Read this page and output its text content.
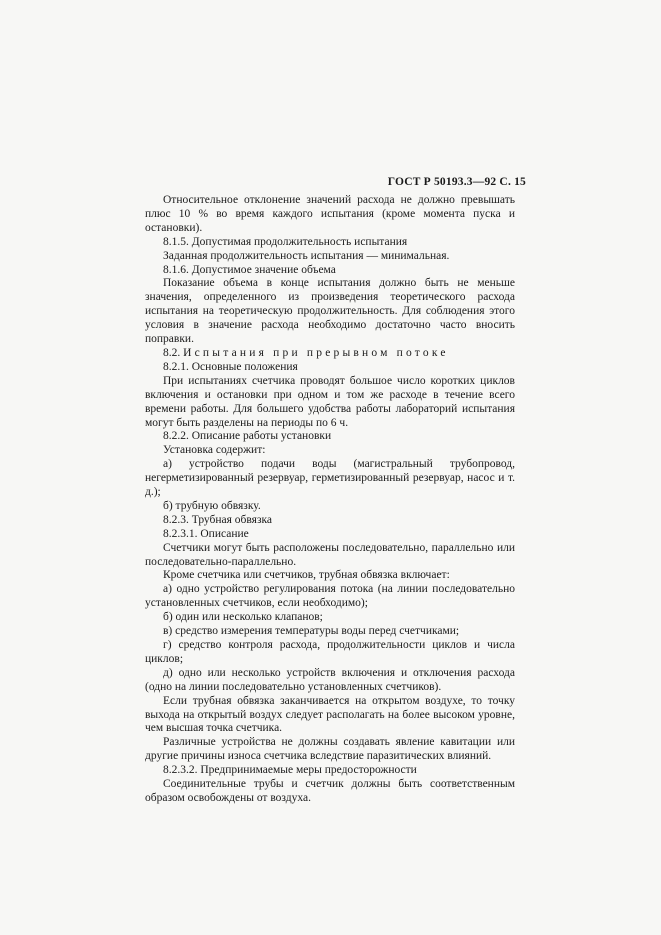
ГОСТ Р 50193.3—92 С. 15

Относительное отклонение значений расхода не должно превышать плюс 10 % во время каждого испытания (кроме момента пуска и остановки).

8.1.5. Допустимая продолжительность испытания

Заданная продолжительность испытания — минимальная.

8.1.6. Допустимое значение объема

Показание объема в конце испытания должно быть не меньше значения, определенного из произведения теоретического расхода испытания на теоретическую продолжительность. Для соблюдения этого условия в значение расхода необходимо достаточно часто вносить поправки.

8.2. Испытания при прерывном потоке

8.2.1. Основные положения

При испытаниях счетчика проводят большое число коротких циклов включения и остановки при одном и том же расходе в течение всего времени работы. Для большего удобства работы лабораторий испытания могут быть разделены на периоды по 6 ч.

8.2.2. Описание работы установки

Установка содержит:

а) устройство подачи воды (магистральный трубопровод, негерметизированный резервуар, герметизированный резервуар, насос и т. д.);

б) трубную обвязку.

8.2.3. Трубная обвязка

8.2.3.1. Описание

Счетчики могут быть расположены последовательно, параллельно или последовательно-параллельно.

Кроме счетчика или счетчиков, трубная обвязка включает:

а) одно устройство регулирования потока (на линии последовательно установленных счетчиков, если необходимо);

б) один или несколько клапанов;

в) средство измерения температуры воды перед счетчиками;

г) средство контроля расхода, продолжительности циклов и числа циклов;

д) одно или несколько устройств включения и отключения расхода (одно на линии последовательно установленных счетчиков).

Если трубная обвязка заканчивается на открытом воздухе, то точку выхода на открытый воздух следует располагать на более высоком уровне, чем высшая точка счетчика.

Различные устройства не должны создавать явление кавитации или другие причины износа счетчика вследствие паразитических влияний.

8.2.3.2. Предпринимаемые меры предосторожности

Соединительные трубы и счетчик должны быть соответственным образом освобождены от воздуха.
